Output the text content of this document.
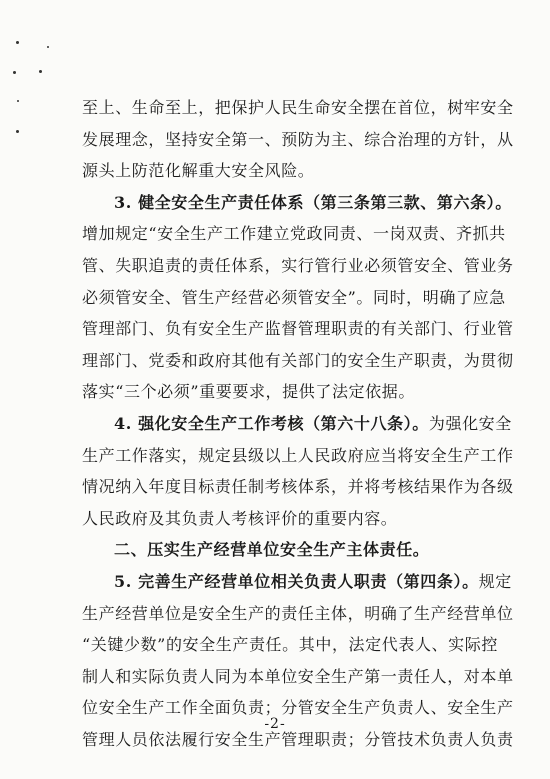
至上、生命至上，把保护人民生命安全摆在首位，树牢安全
发展理念，坚持安全第一、预防为主、综合治理的方针，从
源头上防范化解重大安全风险。
3. 健全安全生产责任体系（第三条第三款、第六条）。
增加规定“安全生产工作建立党政同责、一岗双责、齐抓共
管、失职追责的责任体系，实行管行业必须管安全、管业务
必须管安全、管生产经营必须管安全”。同时，明确了应急
管理部门、负有安全生产监督管理职责的有关部门、行业管
理部门、党委和政府其他有关部门的安全生产职责，为贯彻
落实“三个必须”重要要求，提供了法定依据。
4. 强化安全生产工作考核（第六十八条）。为强化安全
生产工作落实，规定县级以上人民政府应当将安全生产工作
情况纳入年度目标责任制考核体系，并将考核结果作为各级
人民政府及其负责人考核评价的重要内容。
二、压实生产经营单位安全生产主体责任。
5. 完善生产经营单位相关负责人职责（第四条）。规定
生产经营单位是安全生产的责任主体，明确了生产经营单位
“关键少数”的安全生产责任。其中，法定代表人、实际控
制人和实际负责人同为本单位安全生产第一责任人，对本单
位安全生产工作全面负责；分管安全生产负责人、安全生产
管理人员依法履行安全生产管理职责；分管技术负责人负责
-2-
